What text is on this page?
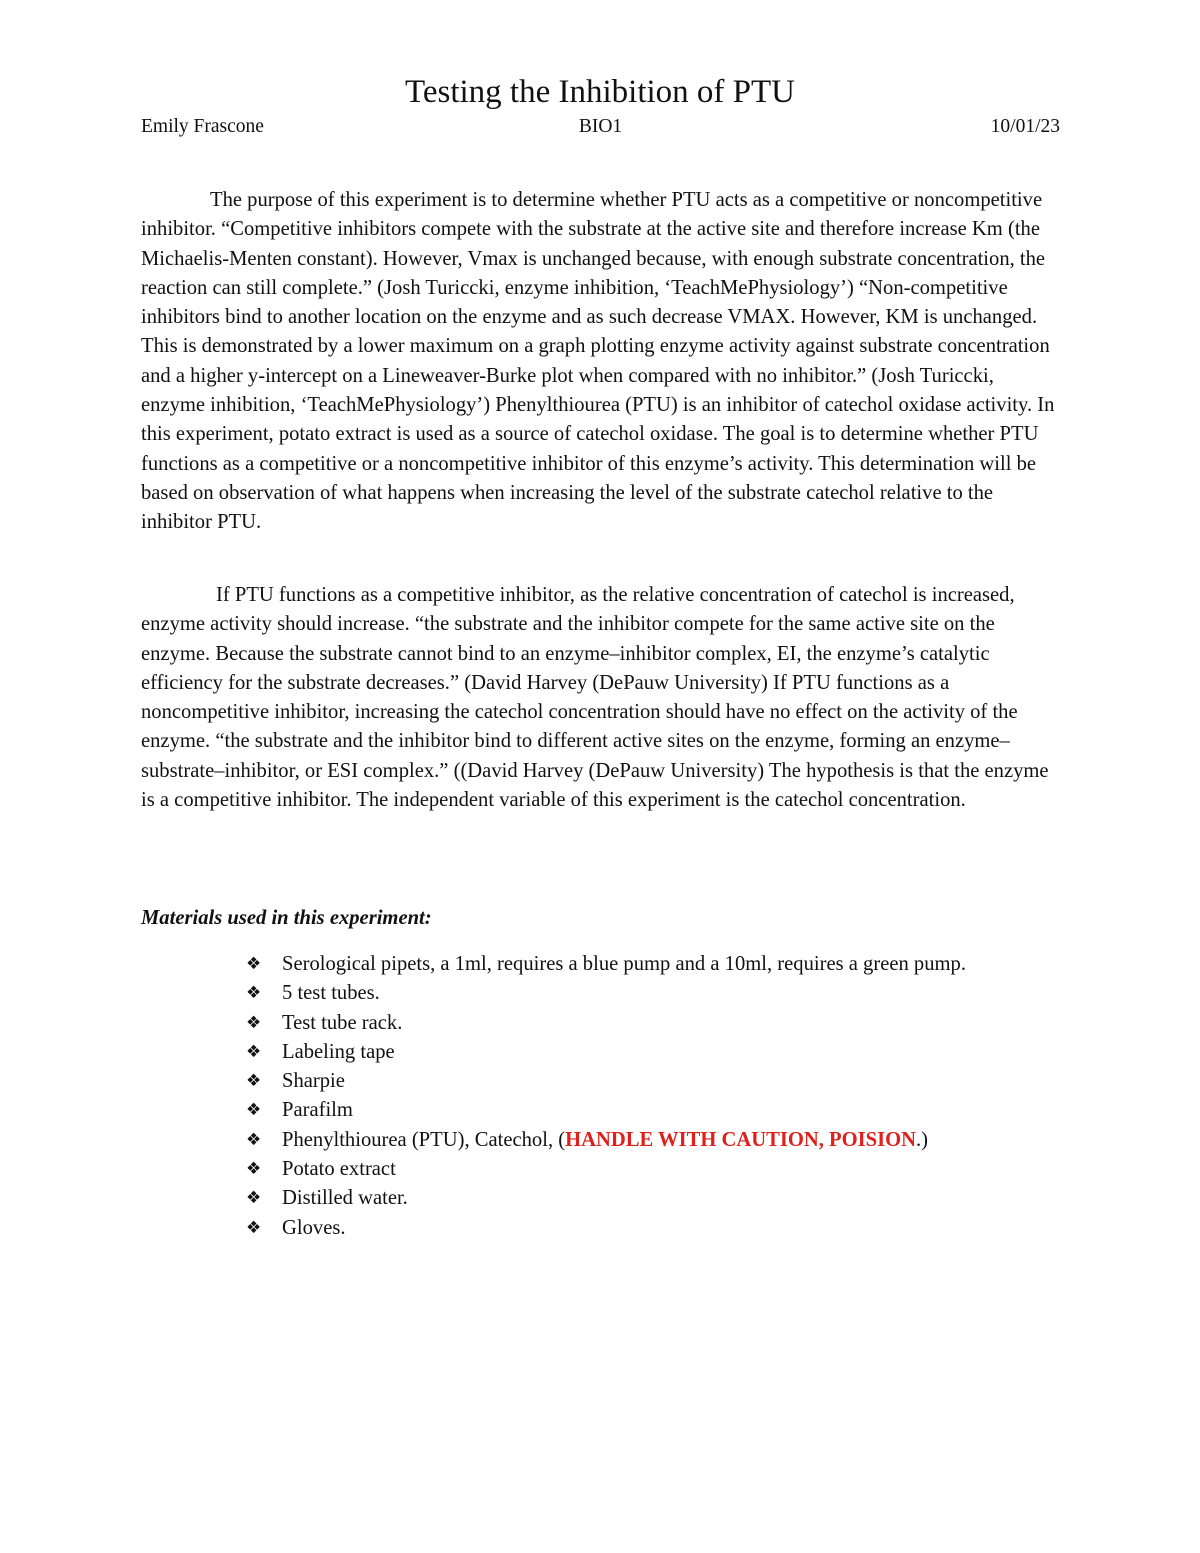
Testing the Inhibition of PTU
BIO1
Emily Frascone	10/01/23

The purpose of this experiment is to determine whether PTU acts as a competitive or noncompetitive inhibitor. “Competitive inhibitors compete with the substrate at the active site and therefore increase Km (the Michaelis-Menten constant). However, Vmax is unchanged because, with enough substrate concentration, the reaction can still complete.” (Josh Turiccki, enzyme inhibition, ‘TeachMePhysiology’) “Non-competitive inhibitors bind to another location on the enzyme and as such decrease VMAX. However, KM is unchanged. This is demonstrated by a lower maximum on a graph plotting enzyme activity against substrate concentration and a higher y-intercept on a Lineweaver-Burke plot when compared with no inhibitor.” (Josh Turiccki, enzyme inhibition, ‘TeachMePhysiology’) Phenylthiourea (PTU) is an inhibitor of catechol oxidase activity. In this experiment, potato extract is used as a source of catechol oxidase. The goal is to determine whether PTU functions as a competitive or a noncompetitive inhibitor of this enzyme’s activity. This determination will be based on observation of what happens when increasing the level of the substrate catechol relative to the inhibitor PTU.

If PTU functions as a competitive inhibitor, as the relative concentration of catechol is increased, enzyme activity should increase. “the substrate and the inhibitor compete for the same active site on the enzyme. Because the substrate cannot bind to an enzyme–inhibitor complex, EI, the enzyme’s catalytic efficiency for the substrate decreases.” (David Harvey (DePauw University) If PTU functions as a noncompetitive inhibitor, increasing the catechol concentration should have no effect on the activity of the enzyme. “the substrate and the inhibitor bind to different active sites on the enzyme, forming an enzyme–substrate–inhibitor, or ESI complex.” ((David Harvey (DePauw University) The hypothesis is that the enzyme is a competitive inhibitor. The independent variable of this experiment is the catechol concentration.

Materials used in this experiment:
❖ Serological pipets, a 1ml, requires a blue pump and a 10ml, requires a green pump.
❖ 5 test tubes.
❖ Test tube rack.
❖ Labeling tape
❖ Sharpie
❖ Parafilm
❖ Phenylthiourea (PTU), Catechol, (HANDLE WITH CAUTION, POISION.)
❖ Potato extract
❖ Distilled water.
❖ Gloves.
